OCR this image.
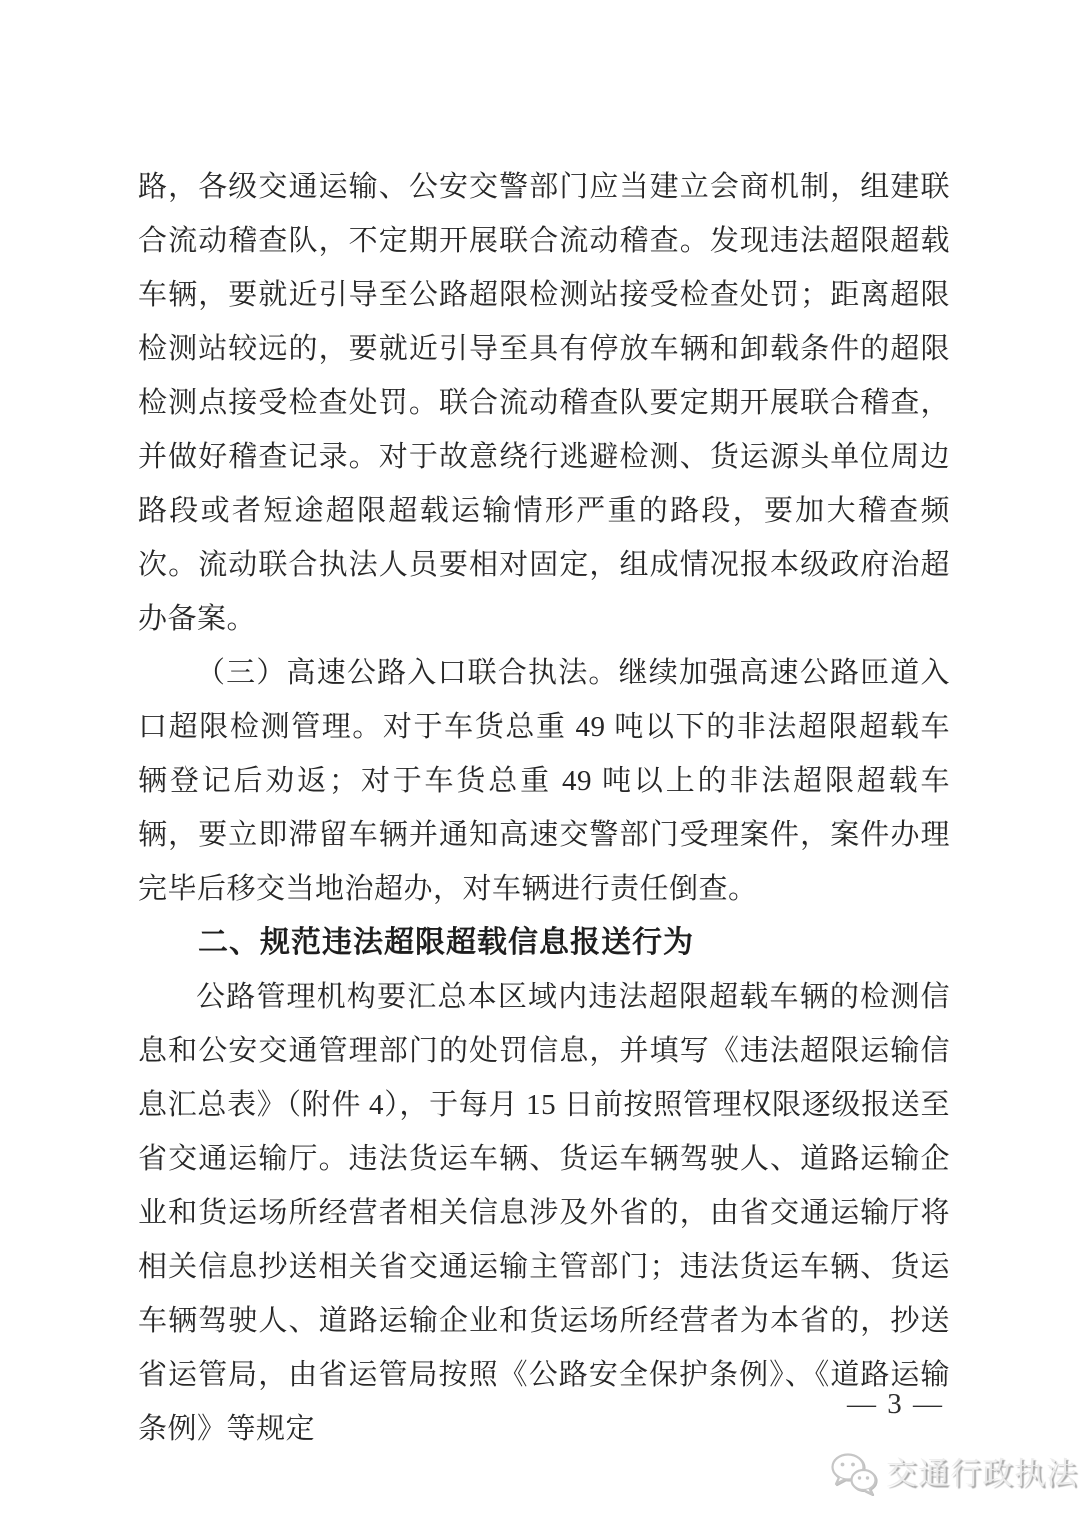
路，各级交通运输、公安交警部门应当建立会商机制，组建联合流动稽查队，不定期开展联合流动稽查。发现违法超限超载车辆，要就近引导至公路超限检测站接受检查处罚；距离超限检测站较远的，要就近引导至具有停放车辆和卸载条件的超限检测点接受检查处罚。联合流动稽查队要定期开展联合稽查，并做好稽查记录。对于故意绕行逃避检测、货运源头单位周边路段或者短途超限超载运输情形严重的路段，要加大稽查频次。流动联合执法人员要相对固定，组成情况报本级政府治超办备案。

（三）高速公路入口联合执法。继续加强高速公路匝道入口超限检测管理。对于车货总重 49 吨以下的非法超限超载车辆登记后劝返；对于车货总重 49 吨以上的非法超限超载车辆，要立即滞留车辆并通知高速交警部门受理案件，案件办理完毕后移交当地治超办，对车辆进行责任倒查。

二、规范违法超限超载信息报送行为

公路管理机构要汇总本区域内违法超限超载车辆的检测信息和公安交通管理部门的处罚信息，并填写《违法超限运输信息汇总表》（附件 4），于每月 15 日前按照管理权限逐级报送至省交通运输厅。违法货运车辆、货运车辆驾驶人、道路运输企业和货运场所经营者相关信息涉及外省的，由省交通运输厅将相关信息抄送相关省交通运输主管部门；违法货运车辆、货运车辆驾驶人、道路运输企业和货运场所经营者为本省的，抄送省运管局，由省运管局按照《公路安全保护条例》、《道路运输条例》等规定

— 3 —
交通行政执法
